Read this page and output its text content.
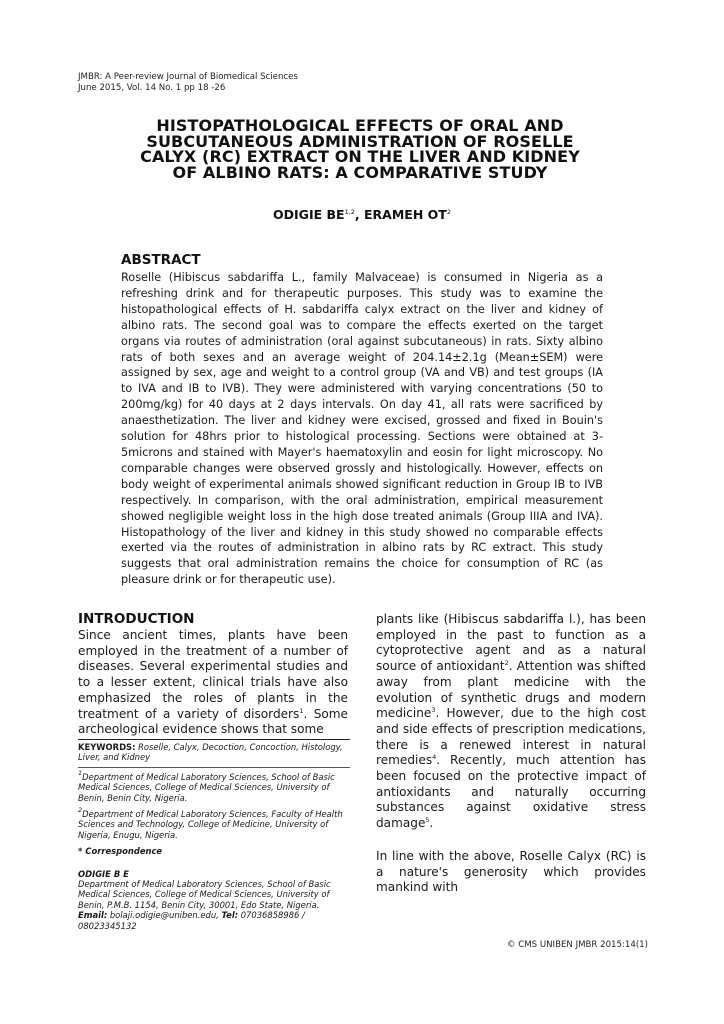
JMBR: A Peer-review Journal of Biomedical Sciences
June 2015, Vol. 14 No. 1 pp 18 -26
HISTOPATHOLOGICAL EFFECTS OF ORAL AND
SUBCUTANEOUS ADMINISTRATION OF ROSELLE
CALYX (RC) EXTRACT ON THE LIVER AND KIDNEY
OF ALBINO RATS: A COMPARATIVE STUDY
ODIGIE BE$^{1,2}$, ERAMEH $OT^2$
ABSTRACT
Roselle (Hibiscus sabdariffa L., family Malvaceae) is consumed in Nigeria as a refreshing drink and for therapeutic purposes. This study was to examine the histopathological effects of H. sabdariffa calyx extract on the liver and kidney of albino rats. The second goal was to compare the effects exerted on the target organs via routes of administration (oral against subcutaneous) in rats. Sixty albino rats of both sexes and an average weight of 204.14±2.1g (Mean±SEM) were assigned by sex, age and weight to a control group (VA and VB) and test groups (IA to IVA and IB to IVB). They were administered with varying concentrations (50 to 200mg/kg) for 40 days at 2 days intervals. On day 41, all rats were sacrificed by anaesthetization. The liver and kidney were excised, grossed and fixed in Bouin's solution for 48hrs prior to histological processing. Sections were obtained at 3-5microns and stained with Mayer's haematoxylin and eosin for light microscopy. No comparable changes were observed grossly and histologically. However, effects on body weight of experimental animals showed significant reduction in Group IB to IVB respectively. In comparison, with the oral administration, empirical measurement showed negligible weight loss in the high dose treated animals (Group IIIA and IVA). Histopathology of the liver and kidney in this study showed no comparable effects exerted via the routes of administration in albino rats by RC extract. This study suggests that oral administration remains the choice for consumption of RC (as pleasure drink or for therapeutic use).
INTRODUCTION
Since ancient times, plants have been employed in the treatment of a number of diseases. Several experimental studies and to a lesser extent, clinical trials have also emphasized the roles of plants in the treatment of a variety of disorders$^1$. Some archeological evidence shows that some

plants like (Hibiscus sabdariffa l.), has been employed in the past to function as a cytoprotective agent and as a natural source of antioxidant$^2$. Attention was shifted away from plant medicine with the evolution of synthetic drugs and modern medicine$^3$. However, due to the high cost and side effects of prescription medications, there is a renewed interest in natural remedies$^4$. Recently, much attention has been focused on the protective impact of antioxidants and naturally occurring substances against oxidative stress damage$^5$.

In line with the above, Roselle Calyx (RC) is a nature's generosity which provides mankind with

KEYWORDS: Roselle, Calyx, Decoction, Concoction, Histology, Liver, and Kidney
$^1$Department of Medical Laboratory Sciences, School of Basic Medical Sciences, College of Medical Sciences, University of Benin, Benin City, Nigeria.
$^2$Department of Medical Laboratory Sciences, Faculty of Health Sciences and Technology, College of Medicine, University of Nigeria, Enugu, Nigeria.
* Correspondence
ODIGIE B E
Department of Medical Laboratory Sciences, School of Basic Medical Sciences, College of Medical Sciences, University of Benin, P.M.B. 1154, Benin City, 30001, Edo State, Nigeria.
Email: bolaji.odigie@uniben.edu, Tel: 07036858986 / 08023345132
© CMS UNIBEN JMBR 2015:14(1)
